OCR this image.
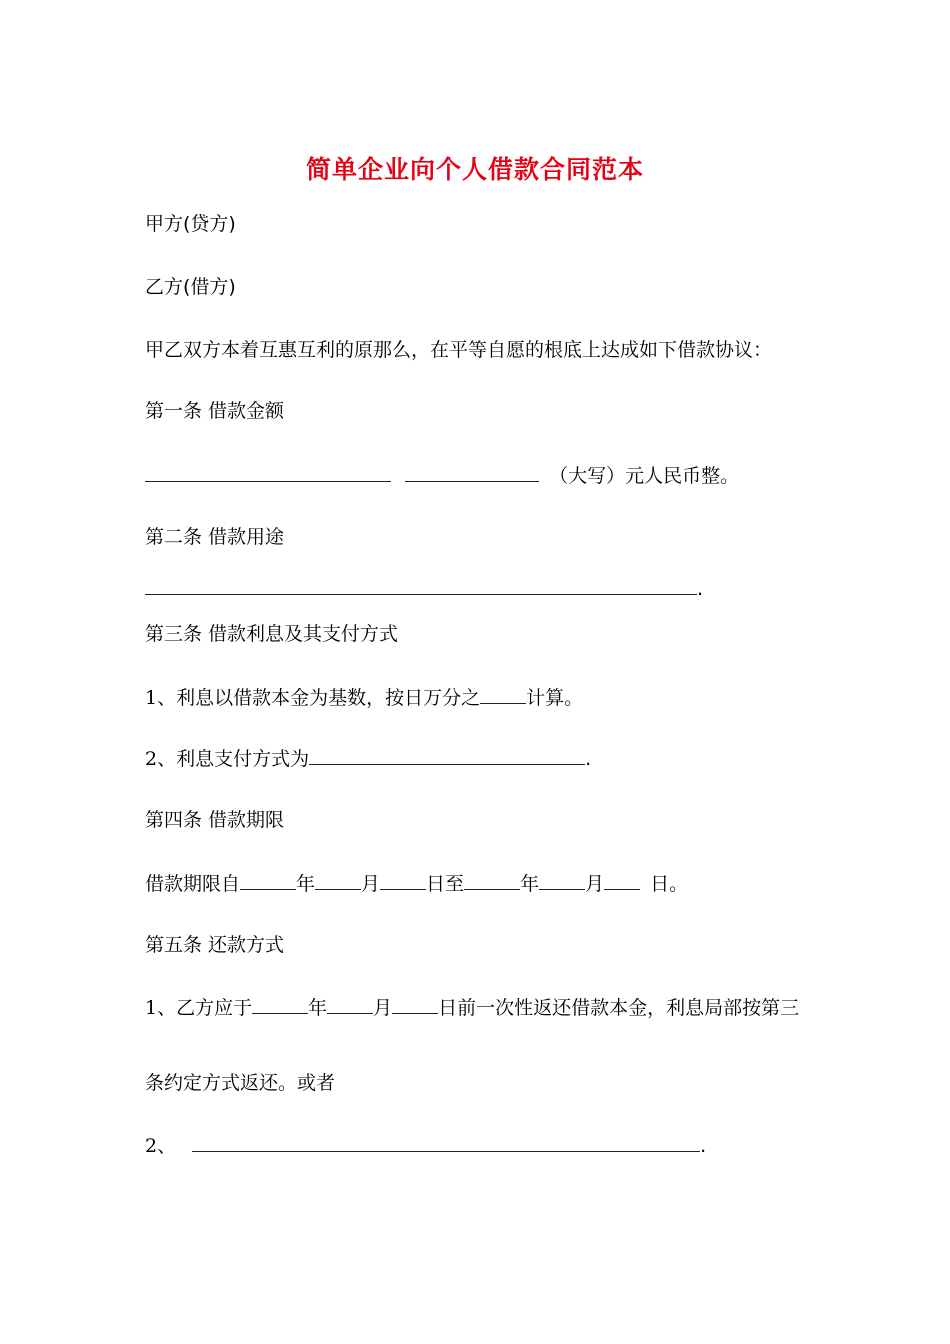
简单企业向个人借款合同范本
甲方(贷方)
乙方(借方)
甲乙双方本着互惠互利的原那么，在平等自愿的根底上达成如下借款协议：
第一条 借款金额
（大写）元人民币整。
第二条 借款用途
.
第三条 借款利息及其支付方式
1、利息以借款本金为基数，按日万分之 计算。
2、利息支付方式为	.
第四条 借款期限
借款期限自	年 月 日至	年 月 日。
第五条 还款方式
1、乙方应于	年 月 日前一次性返还借款本金，利息局部按第三
条约定方式返还。或者
2、	.
